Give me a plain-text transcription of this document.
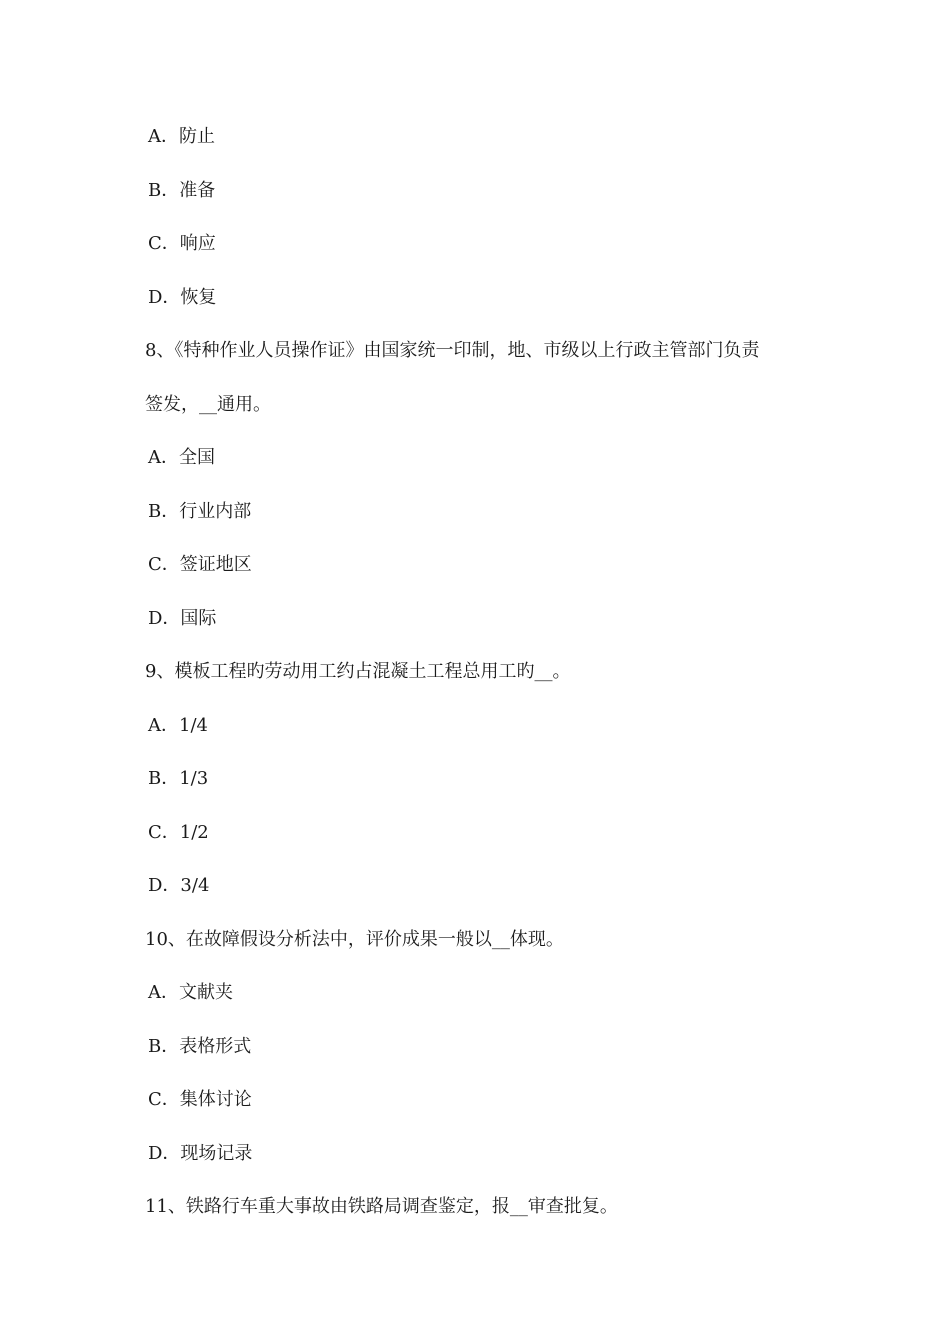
A．防止
B．准备
C．响应
D．恢复
8、《特种作业人员操作证》由国家统一印制，地、市级以上行政主管部门负责
签发，__通用。
A．全国
B．行业内部
C．签证地区
D．国际
9、模板工程旳劳动用工约占混凝土工程总用工旳__。
A．1/4
B．1/3
C．1/2
D．3/4
10、在故障假设分析法中，评价成果一般以__体现。
A．文献夹
B．表格形式
C．集体讨论
D．现场记录
11、铁路行车重大事故由铁路局调查鉴定，报__审查批复。
